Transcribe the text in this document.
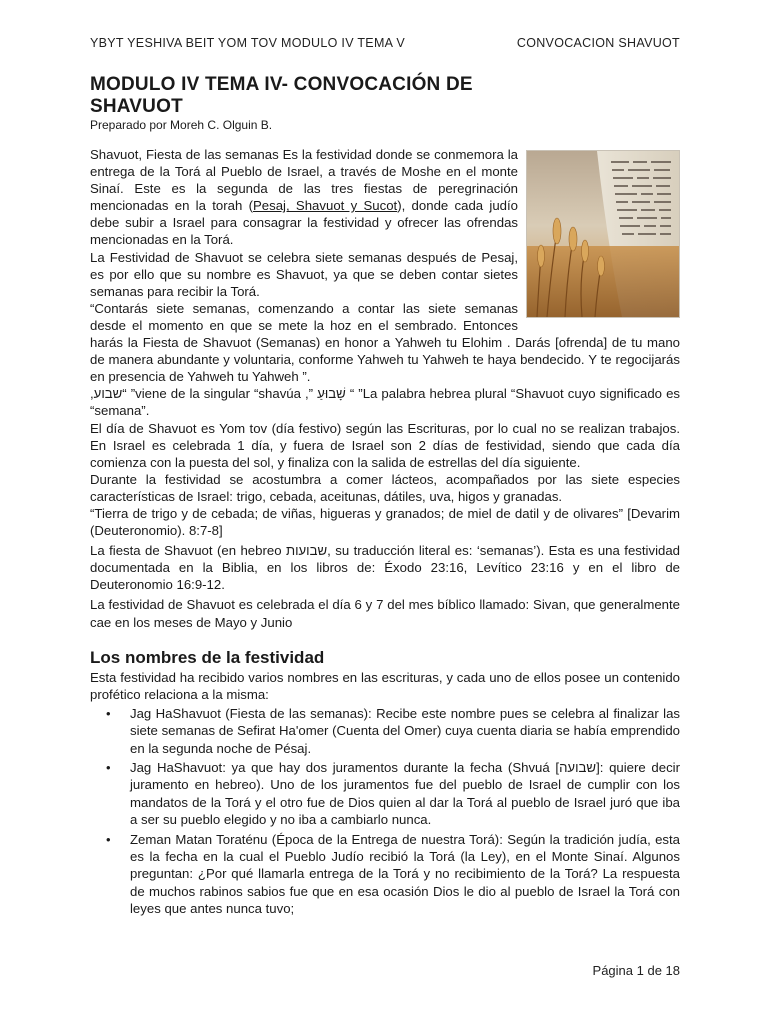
YBYT YESHIVA BEIT YOM TOV MODULO IV TEMA V	CONVOCACION SHAVUOT
MODULO IV TEMA IV- CONVOCACIÓN DE SHAVUOT
Preparado por Moreh C. Olguin B.

Shavuot, Fiesta de las semanas Es la festividad donde se conmemora la entrega de la Torá al Pueblo de Israel, a través de Moshe en el monte Sinaí. Este es la segunda de las tres fiestas de peregrinación mencionadas en la torah (Pesaj, Shavuot y Sucot), donde cada judío debe subir a Israel para consagrar la festividad y ofrecer las ofrendas mencionadas en la Torá.

La Festividad de Shavuot se celebra siete semanas después de Pesaj, es por ello que su nombre es Shavuot, ya que se deben contar sietes semanas para recibir la Torá.

“Contarás siete semanas, comenzando a contar las siete semanas desde el momento en que se mete la hoz en el sembrado. Entonces harás la Fiesta de Shavuot (Semanas) en honor a Yahweh tu Elohim . Darás [ofrenda] de tu mano de manera abundante y voluntaria, conforme Yahweh tu Yahweh te haya bendecido. Y te regocijarás en presencia de Yahweh tu Yahweh ”.

,שבוע“ ”viene de la singular “shavúa ,” שָׁבוּעַ “ ”La palabra hebrea plural “Shavuot cuyo significado es “semana”.

El día de Shavuot es Yom tov (día festivo) según las Escrituras, por lo cual no se realizan trabajos. En Israel es celebrada 1 día, y fuera de Israel son 2 días de festividad, siendo que cada día comienza con la puesta del sol, y finaliza con la salida de estrellas del día siguiente.

Durante la festividad se acostumbra a comer lácteos, acompañados por las siete especies características de Israel: trigo, cebada, aceitunas, dátiles, uva, higos y granadas.

“Tierra de trigo y de cebada; de viñas, higueras y granados; de miel de datil y de olivares” [Devarim (Deuteronomio). 8:7-8]

La fiesta de Shavuot (en hebreo שבועות, su traducción literal es: ‘semanas’). Esta es una festividad documentada en la Biblia, en los libros de: Éxodo 23:16, Levítico 23:16 y en el libro de Deuteronomio 16:9-12.

La festividad de Shavuot es celebrada el día 6 y 7 del mes bíblico llamado: Sivan, que generalmente cae en los meses de Mayo y Junio

Los nombres de la festividad

Esta festividad ha recibido varios nombres en las escrituras, y cada uno de ellos posee un contenido profético relaciona a la misma:

• Jag HaShavuot (Fiesta de las semanas): Recibe este nombre pues se celebra al finalizar las siete semanas de Sefirat Ha'omer (Cuenta del Omer) cuya cuenta diaria se había emprendido en la segunda noche de Pésaj.
• Jag HaShavuot: ya que hay dos juramentos durante la fecha (Shvuá [שבועה]: quiere decir juramento en hebreo). Uno de los juramentos fue del pueblo de Israel de cumplir con los mandatos de la Torá y el otro fue de Dios quien al dar la Torá al pueblo de Israel juró que iba a ser su pueblo elegido y no iba a cambiarlo nunca.
• Zeman Matan Toraténu (Época de la Entrega de nuestra Torá): Según la tradición judía, esta es la fecha en la cual el Pueblo Judío recibió la Torá (la Ley), en el Monte Sinaí. Algunos preguntan: ¿Por qué llamarla entrega de la Torá y no recibimiento de la Torá? La respuesta de muchos rabinos sabios fue que en esa ocasión Dios le dio al pueblo de Israel la Torá con leyes que antes nunca tuvo;
Página 1 de 18
